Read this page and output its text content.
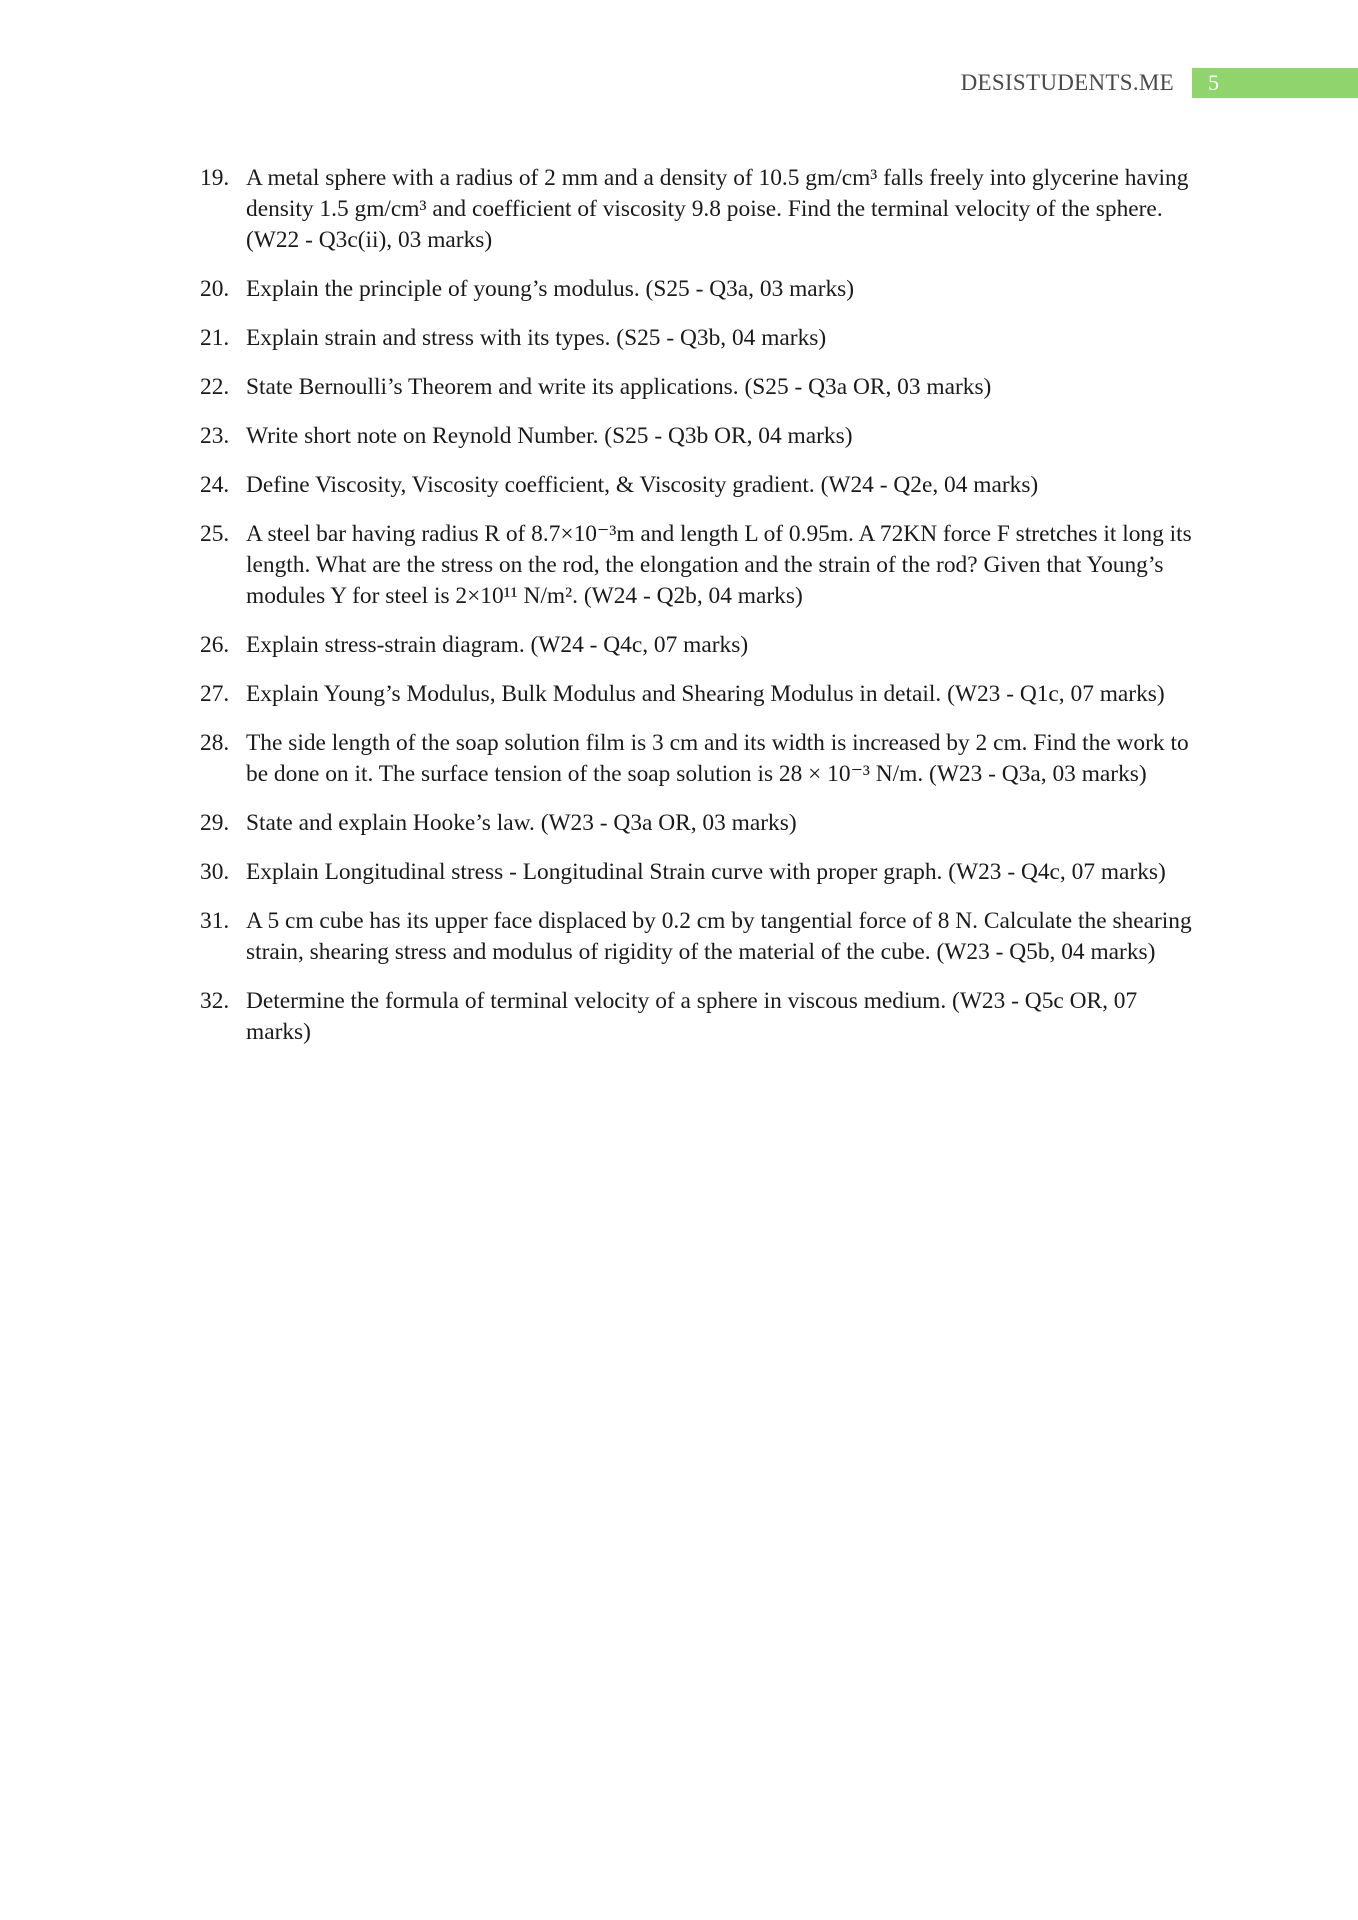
DESISTUDENTS.ME 5
19. A metal sphere with a radius of 2 mm and a density of 10.5 gm/cm³ falls freely into glycerine having density 1.5 gm/cm³ and coefficient of viscosity 9.8 poise. Find the terminal velocity of the sphere. (W22 - Q3c(ii), 03 marks)
20. Explain the principle of young’s modulus. (S25 - Q3a, 03 marks)
21. Explain strain and stress with its types. (S25 - Q3b, 04 marks)
22. State Bernoulli’s Theorem and write its applications. (S25 - Q3a OR, 03 marks)
23. Write short note on Reynold Number. (S25 - Q3b OR, 04 marks)
24. Define Viscosity, Viscosity coefficient, & Viscosity gradient. (W24 - Q2e, 04 marks)
25. A steel bar having radius R of 8.7×10⁻³m and length L of 0.95m. A 72KN force F stretches it long its length. What are the stress on the rod, the elongation and the strain of the rod? Given that Young’s modules Y for steel is 2×10¹¹ N/m². (W24 - Q2b, 04 marks)
26. Explain stress-strain diagram. (W24 - Q4c, 07 marks)
27. Explain Young’s Modulus, Bulk Modulus and Shearing Modulus in detail. (W23 - Q1c, 07 marks)
28. The side length of the soap solution film is 3 cm and its width is increased by 2 cm. Find the work to be done on it. The surface tension of the soap solution is 28 × 10⁻³ N/m. (W23 - Q3a, 03 marks)
29. State and explain Hooke’s law. (W23 - Q3a OR, 03 marks)
30. Explain Longitudinal stress - Longitudinal Strain curve with proper graph. (W23 - Q4c, 07 marks)
31. A 5 cm cube has its upper face displaced by 0.2 cm by tangential force of 8 N. Calculate the shearing strain, shearing stress and modulus of rigidity of the material of the cube. (W23 - Q5b, 04 marks)
32. Determine the formula of terminal velocity of a sphere in viscous medium. (W23 - Q5c OR, 07 marks)
